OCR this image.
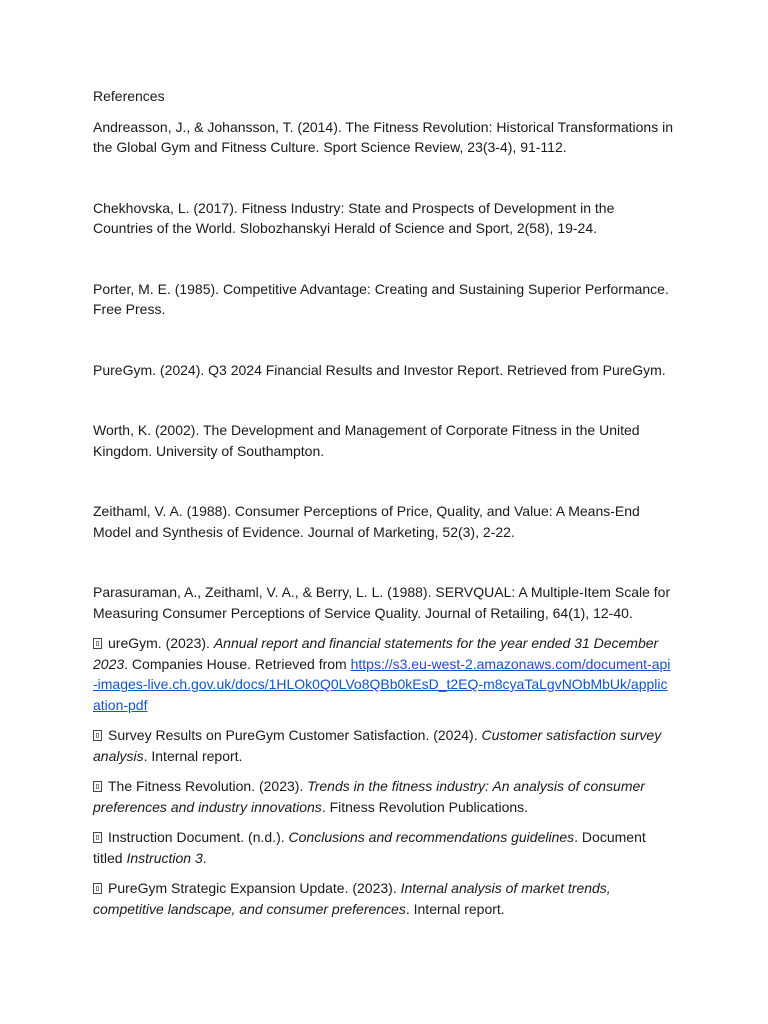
References

Andreasson, J., & Johansson, T. (2014). The Fitness Revolution: Historical Transformations in the Global Gym and Fitness Culture. Sport Science Review, 23(3-4), 91-112.

Chekhovska, L. (2017). Fitness Industry: State and Prospects of Development in the Countries of the World. Slobozhanskyi Herald of Science and Sport, 2(58), 19-24.

Porter, M. E. (1985). Competitive Advantage: Creating and Sustaining Superior Performance. Free Press.

PureGym. (2024). Q3 2024 Financial Results and Investor Report. Retrieved from PureGym.

Worth, K. (2002). The Development and Management of Corporate Fitness in the United Kingdom. University of Southampton.

Zeithaml, V. A. (1988). Consumer Perceptions of Price, Quality, and Value: A Means-End Model and Synthesis of Evidence. Journal of Marketing, 52(3), 2-22.

Parasuraman, A., Zeithaml, V. A., & Berry, L. L. (1988). SERVQUAL: A Multiple-Item Scale for Measuring Consumer Perceptions of Service Quality. Journal of Retailing, 64(1), 12-40.

ureGym. (2023). Annual report and financial statements for the year ended 31 December 2023. Companies House. Retrieved from https://s3.eu-west-2.amazonaws.com/document-api-images-live.ch.gov.uk/docs/1HLOk0Q0LVo8QBb0kEsD_t2EQ-m8cyaTaLgvNObMbUk/application-pdf

Survey Results on PureGym Customer Satisfaction. (2024). Customer satisfaction survey analysis. Internal report.

The Fitness Revolution. (2023). Trends in the fitness industry: An analysis of consumer preferences and industry innovations. Fitness Revolution Publications.

Instruction Document. (n.d.). Conclusions and recommendations guidelines. Document titled Instruction 3.

PureGym Strategic Expansion Update. (2023). Internal analysis of market trends, competitive landscape, and consumer preferences. Internal report.
